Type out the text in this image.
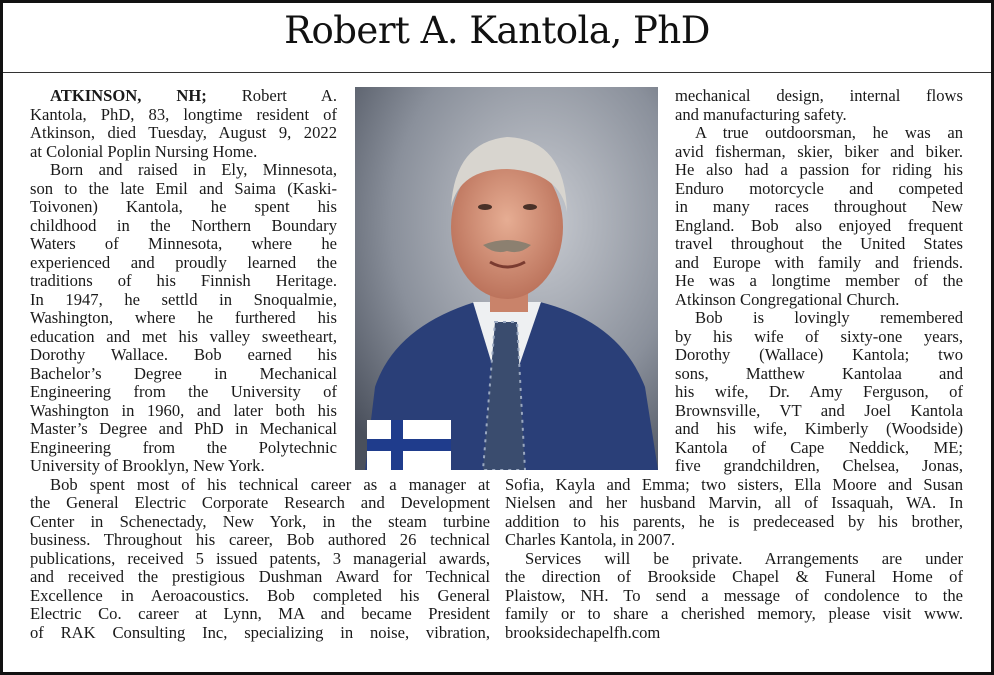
Robert A. Kantola, PhD
ATKINSON, NH; Robert A.
Kantola, PhD, 83, longtime resident of
Atkinson, died Tuesday, August 9, 2022
at Colonial Poplin Nursing Home.
Born and raised in Ely, Minnesota,
son to the late Emil and Saima (Kaski-
Toivonen) Kantola, he spent his
childhood in the Northern Boundary
Waters of Minnesota, where he
experienced and proudly learned the
traditions of his Finnish Heritage.
In 1947, he settld in Snoqualmie,
Washington, where he furthered his
education and met his valley sweetheart,
Dorothy Wallace. Bob earned his
Bachelor’s Degree in Mechanical
Engineering from the University of
Washington in 1960, and later both his
Master’s Degree and PhD in Mechanical
Engineering from the Polytechnic
University of Brooklyn, New York.
Bob spent most of his technical career as a manager at
the General Electric Corporate Research and Development
Center in Schenectady, New York, in the steam turbine
business. Throughout his career, Bob authored 26 technical
publications, received 5 issued patents, 3 managerial awards,
and received the prestigious Dushman Award for Technical
Excellence in Aeroacoustics. Bob completed his General
Electric Co. career at Lynn, MA and became President
of RAK Consulting Inc, specializing in noise, vibration,
mechanical design, internal flows
and manufacturing safety.
A true outdoorsman, he was an
avid fisherman, skier, biker and biker.
He also had a passion for riding his
Enduro motorcycle and competed
in many races throughout New
England. Bob also enjoyed frequent
travel throughout the United States
and Europe with family and friends.
He was a longtime member of the
Atkinson Congregational Church.
Bob is lovingly remembered
by his wife of sixty-one years,
Dorothy (Wallace) Kantola; two
sons, Matthew Kantolaa and
his wife, Dr. Amy Ferguson, of
Brownsville, VT and Joel Kantola
and his wife, Kimberly (Woodside)
Kantola of Cape Neddick, ME;
five grandchildren, Chelsea, Jonas,
Sofia, Kayla and Emma; two sisters, Ella Moore and Susan
Nielsen and her husband Marvin, all of Issaquah, WA. In
addition to his parents, he is predeceased by his brother,
Charles Kantola, in 2007.
Services will be private. Arrangements are under
the direction of Brookside Chapel & Funeral Home of
Plaistow, NH. To send a message of condolence to the
family or to share a cherished memory, please visit www.
brooksidechapelfh.com
